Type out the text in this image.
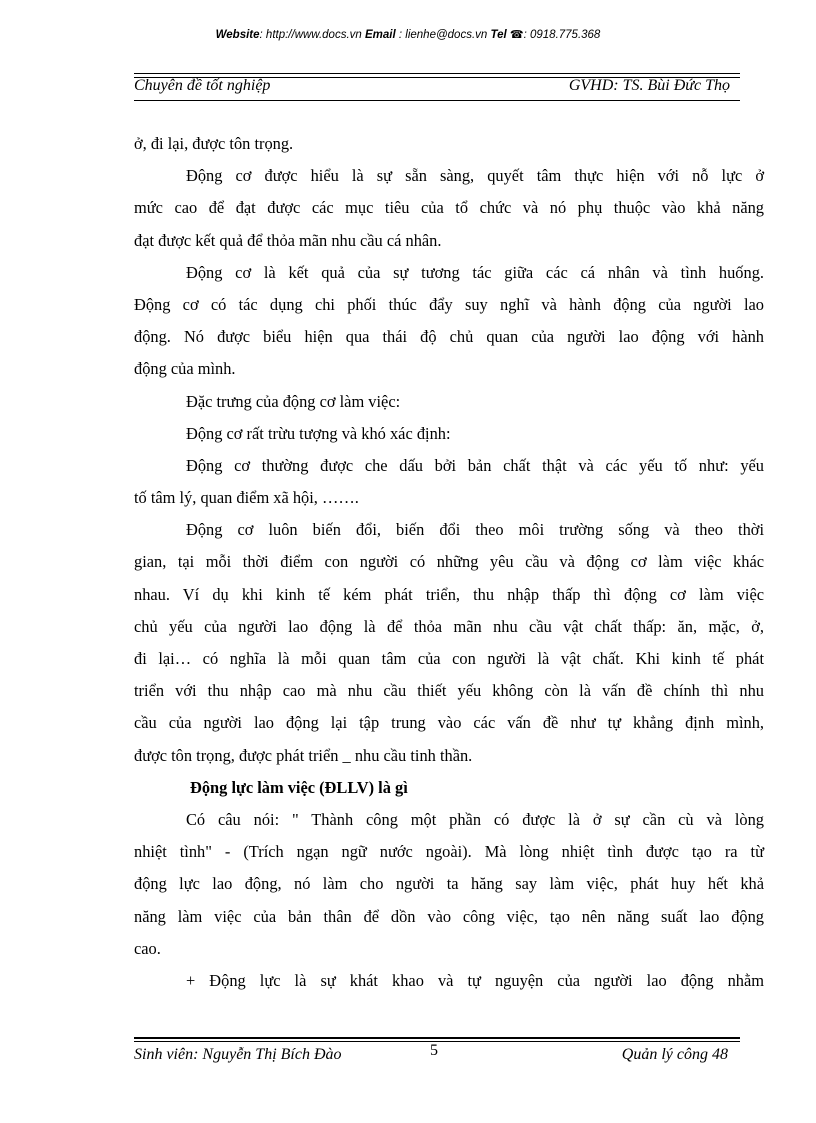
Website: http://www.docs.vn Email : lienhe@docs.vn Tel ☎: 0918.775.368
Chuyên đề tốt nghiệp	GVHD: TS. Bùi Đức Thọ
ở, đi lại, được tôn trọng.
Động cơ được hiểu là sự sẵn sàng, quyết tâm thực hiện với nỗ lực ở
mức cao để đạt được các mục tiêu của tổ chức và nó phụ thuộc vào khả năng
đạt được kết quả để thỏa mãn nhu cầu cá nhân.
Động cơ là kết quả của sự tương tác giữa các cá nhân và tình huống.
Động cơ có tác dụng chi phối thúc đẩy suy nghĩ và hành động của người lao
động. Nó được biểu hiện qua thái độ chủ quan của người lao động với hành
động của mình.
Đặc trưng của động cơ làm việc:
Động cơ rất trừu tượng và khó xác định:
Động cơ thường được che dấu bởi bản chất thật và các yếu tố như: yếu
tố tâm lý, quan điểm xã hội, …….
Động cơ luôn biến đổi, biến đổi theo môi trường sống và theo thời
gian, tại mỗi thời điểm con người có những yêu cầu và động cơ làm việc khác
nhau. Ví dụ khi kinh tế kém phát triển, thu nhập thấp thì động cơ làm việc
chủ yếu của người lao động là để thỏa mãn nhu cầu vật chất thấp: ăn, mặc, ở,
đi lại… có nghĩa là mỗi quan tâm của con người là vật chất. Khi kinh tế phát
triển với thu nhập cao mà nhu cầu thiết yếu không còn là vấn đề chính thì nhu
cầu của người lao động lại tập trung vào các vấn đề như tự khẳng định mình,
được tôn trọng, được phát triển _ nhu cầu tinh thần.
Động lực làm việc (ĐLLV) là gì
Có câu nói: " Thành công một phần có được là ở sự cần cù và lòng
nhiệt tình" - (Trích ngạn ngữ nước ngoài). Mà lòng nhiệt tình được tạo ra từ
động lực lao động, nó làm cho người ta hăng say làm việc, phát huy hết khả
năng làm việc của bản thân để dồn vào công việc, tạo nên năng suất lao động
cao.
+ Động lực là sự khát khao và tự nguyện của người lao động nhằm
Sinh viên: Nguyễn Thị Bích Đào	5	Quản lý công 48
